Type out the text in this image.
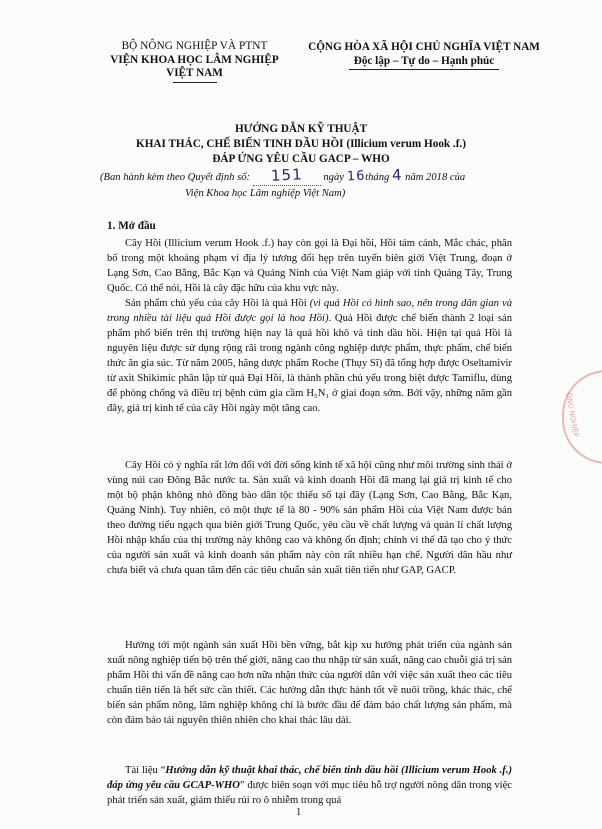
BỘ NÔNG NGHIỆP VÀ PTNT
VIỆN KHOA HỌC LÂM NGHIỆP
VIỆT NAM
CỘNG HÒA XÃ HỘI CHỦ NGHĨA VIỆT NAM
Độc lập – Tự do – Hạnh phúc
HƯỚNG DẪN KỸ THUẬT
KHAI THÁC, CHẾ BIẾN TINH DẦU HỒI (Illicium verum Hook .f.)
ĐÁP ỨNG YÊU CẦU GACP – WHO
(Ban hành kèm theo Quyết định số: 151 ngày 16tháng 4 năm 2018 của
Viện Khoa học Lâm nghiệp Việt Nam)
ÔNG NGHIỆP
1. Mở đầu

Cây Hồi (Illicium verum Hook .f.) hay còn gọi là Đại hồi, Hồi tám cánh, Mắc chác, phân bố trong một khoảng phạm vi địa lý tương đối hẹp trên tuyến biên giới Việt Trung, đoạn ở Lạng Sơn, Cao Bằng, Bắc Kạn và Quảng Ninh của Việt Nam giáp với tỉnh Quảng Tây, Trung Quốc. Có thể nói, Hồi là cây đặc hữu của khu vực này.

Sản phẩm chủ yếu của cây Hồi là quả Hồi (vì quả Hồi có hình sao, nên trong dân gian và trong nhiều tài liệu quả Hồi được gọi là hoa Hồi). Quả Hồi được chế biến thành 2 loại sản phẩm phổ biến trên thị trường hiện nay là quả hồi khô và tinh dầu hồi. Hiện tại quả Hồi là nguyên liệu được sử dụng rộng rãi trong ngành công nghiệp dược phẩm, thực phẩm, chế biến thức ăn gia súc. Từ năm 2005, hãng dược phẩm Roche (Thụy Sĩ) đã tổng hợp được Oseltamivir từ axit Shikimic phân lập từ quả Đại Hồi, là thành phần chủ yếu trong biệt dược Tamiflu, dùng để phòng chống và điều trị bệnh cúm gia cầm H₅N₁ ở giai đoạn sớm. Bởi vậy, những năm gần đây, giá trị kinh tế của cây Hồi ngày một tăng cao.

Cây Hồi có ý nghĩa rất lớn đối với đời sống kinh tế xã hội cũng như môi trường sinh thái ở vùng núi cao Đông Bắc nước ta. Sản xuất và kinh doanh Hồi đã mang lại giá trị kinh tế cho một bộ phận không nhỏ đồng bào dân tộc thiểu số tại đây (Lạng Sơn, Cao Bằng, Bắc Kạn, Quảng Ninh). Tuy nhiên, có một thực tế là 80 - 90% sản phẩm Hồi của Việt Nam được bán theo đường tiểu ngạch qua biên giới Trung Quốc, yêu cầu về chất lượng và quản lí chất lượng Hồi nhập khẩu của thị trường này không cao và không ổn định; chính vì thế đã tạo cho ý thức của người sản xuất và kinh doanh sản phẩm này còn rất nhiều hạn chế. Người dân hầu như chưa biết và chưa quan tâm đến các tiêu chuẩn sản xuất tiên tiến như GAP, GACP.

Hướng tới một ngành sản xuất Hồi bền vững, bắt kịp xu hướng phát triển của ngành sản xuất nông nghiệp tiến bộ trên thế giới, nâng cao thu nhập từ sản xuất, nâng cao chuỗi giá trị sản phẩm Hồi thì vấn đề nâng cao hơn nữa nhận thức của người dân với việc sản xuất theo các tiêu chuẩn tiên tiến là hết sức cần thiết. Các hướng dẫn thực hành tốt về nuôi trồng, khác thác, chế biến sản phẩm nông, lâm nghiệp không chỉ là bước đầu để đảm bảo chất lượng sản phẩm, mà còn đảm bảo tái nguyên thiên nhiên cho khai thác lâu dài.

Tài liệu “Hướng dẫn kỹ thuật khai thác, chế biến tinh dầu hồi (Illicium verum Hook .f.) đáp ứng yêu cầu GCAP-WHO” được biên soạn với mục tiêu hỗ trợ người nông dân trong việc phát triển sản xuất, giảm thiểu rủi ro ô nhiễm trong quá

1
